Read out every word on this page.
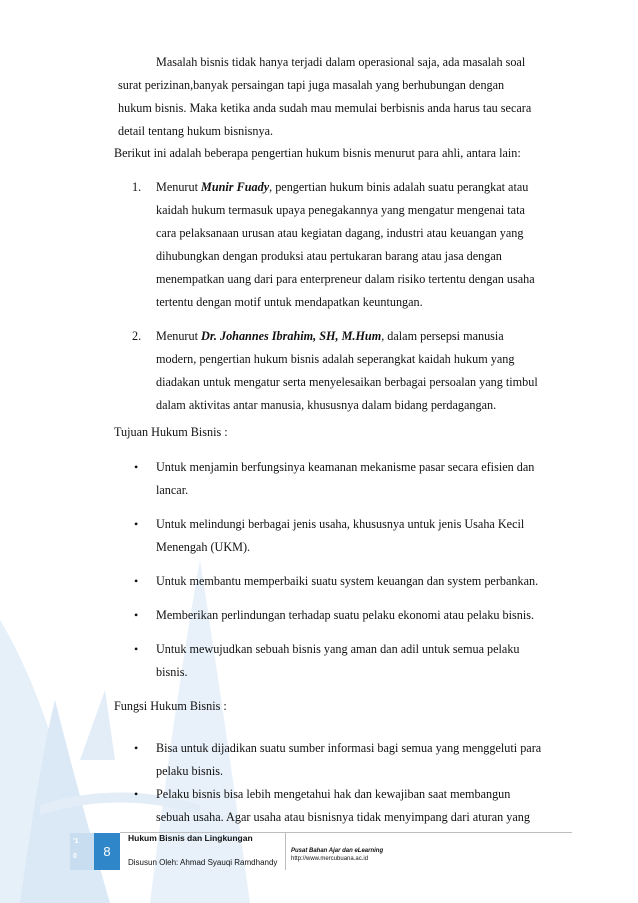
Masalah bisnis tidak hanya terjadi dalam operasional saja, ada masalah soal
surat perizinan,banyak persaingan tapi juga masalah yang berhubungan dengan
hukum bisnis. Maka ketika anda sudah mau memulai berbisnis anda harus tau secara
detail tentang hukum bisnisnya.
Berikut ini adalah beberapa pengertian hukum bisnis menurut para ahli, antara lain:
1. Menurut Munir Fuady, pengertian hukum binis adalah suatu perangkat atau
kaidah hukum termasuk upaya penegakannya yang mengatur mengenai tata
cara pelaksanaan urusan atau kegiatan dagang, industri atau keuangan yang
dihubungkan dengan produksi atau pertukaran barang atau jasa dengan
menempatkan uang dari para enterpreneur dalam risiko tertentu dengan usaha
tertentu dengan motif untuk mendapatkan keuntungan.
2. Menurut Dr. Johannes Ibrahim, SH, M.Hum, dalam persepsi manusia
modern, pengertian hukum bisnis adalah seperangkat kaidah hukum yang
diadakan untuk mengatur serta menyelesaikan berbagai persoalan yang timbul
dalam aktivitas antar manusia, khususnya dalam bidang perdagangan.
Tujuan Hukum Bisnis :
• Untuk menjamin berfungsinya keamanan mekanisme pasar secara efisien dan
lancar.
• Untuk melindungi berbagai jenis usaha, khususnya untuk jenis Usaha Kecil
Menengah (UKM).
• Untuk membantu memperbaiki suatu system keuangan dan system perbankan.
• Memberikan perlindungan terhadap suatu pelaku ekonomi atau pelaku bisnis.
• Untuk mewujudkan sebuah bisnis yang aman dan adil untuk semua pelaku
bisnis.
Fungsi Hukum Bisnis :
• Bisa untuk dijadikan suatu sumber informasi bagi semua yang menggeluti para
pelaku bisnis.
• Pelaku bisnis bisa lebih mengetahui hak dan kewajiban saat membangun
sebuah usaha. Agar usaha atau bisnisnya tidak menyimpang dari aturan yang
'1
0	8
Hukum Bisnis dan Lingkungan
Disusun Oleh: Ahmad Syauqi Ramdhandy
Pusat Bahan Ajar dan eLearning
http://www.mercubuana.ac.id
